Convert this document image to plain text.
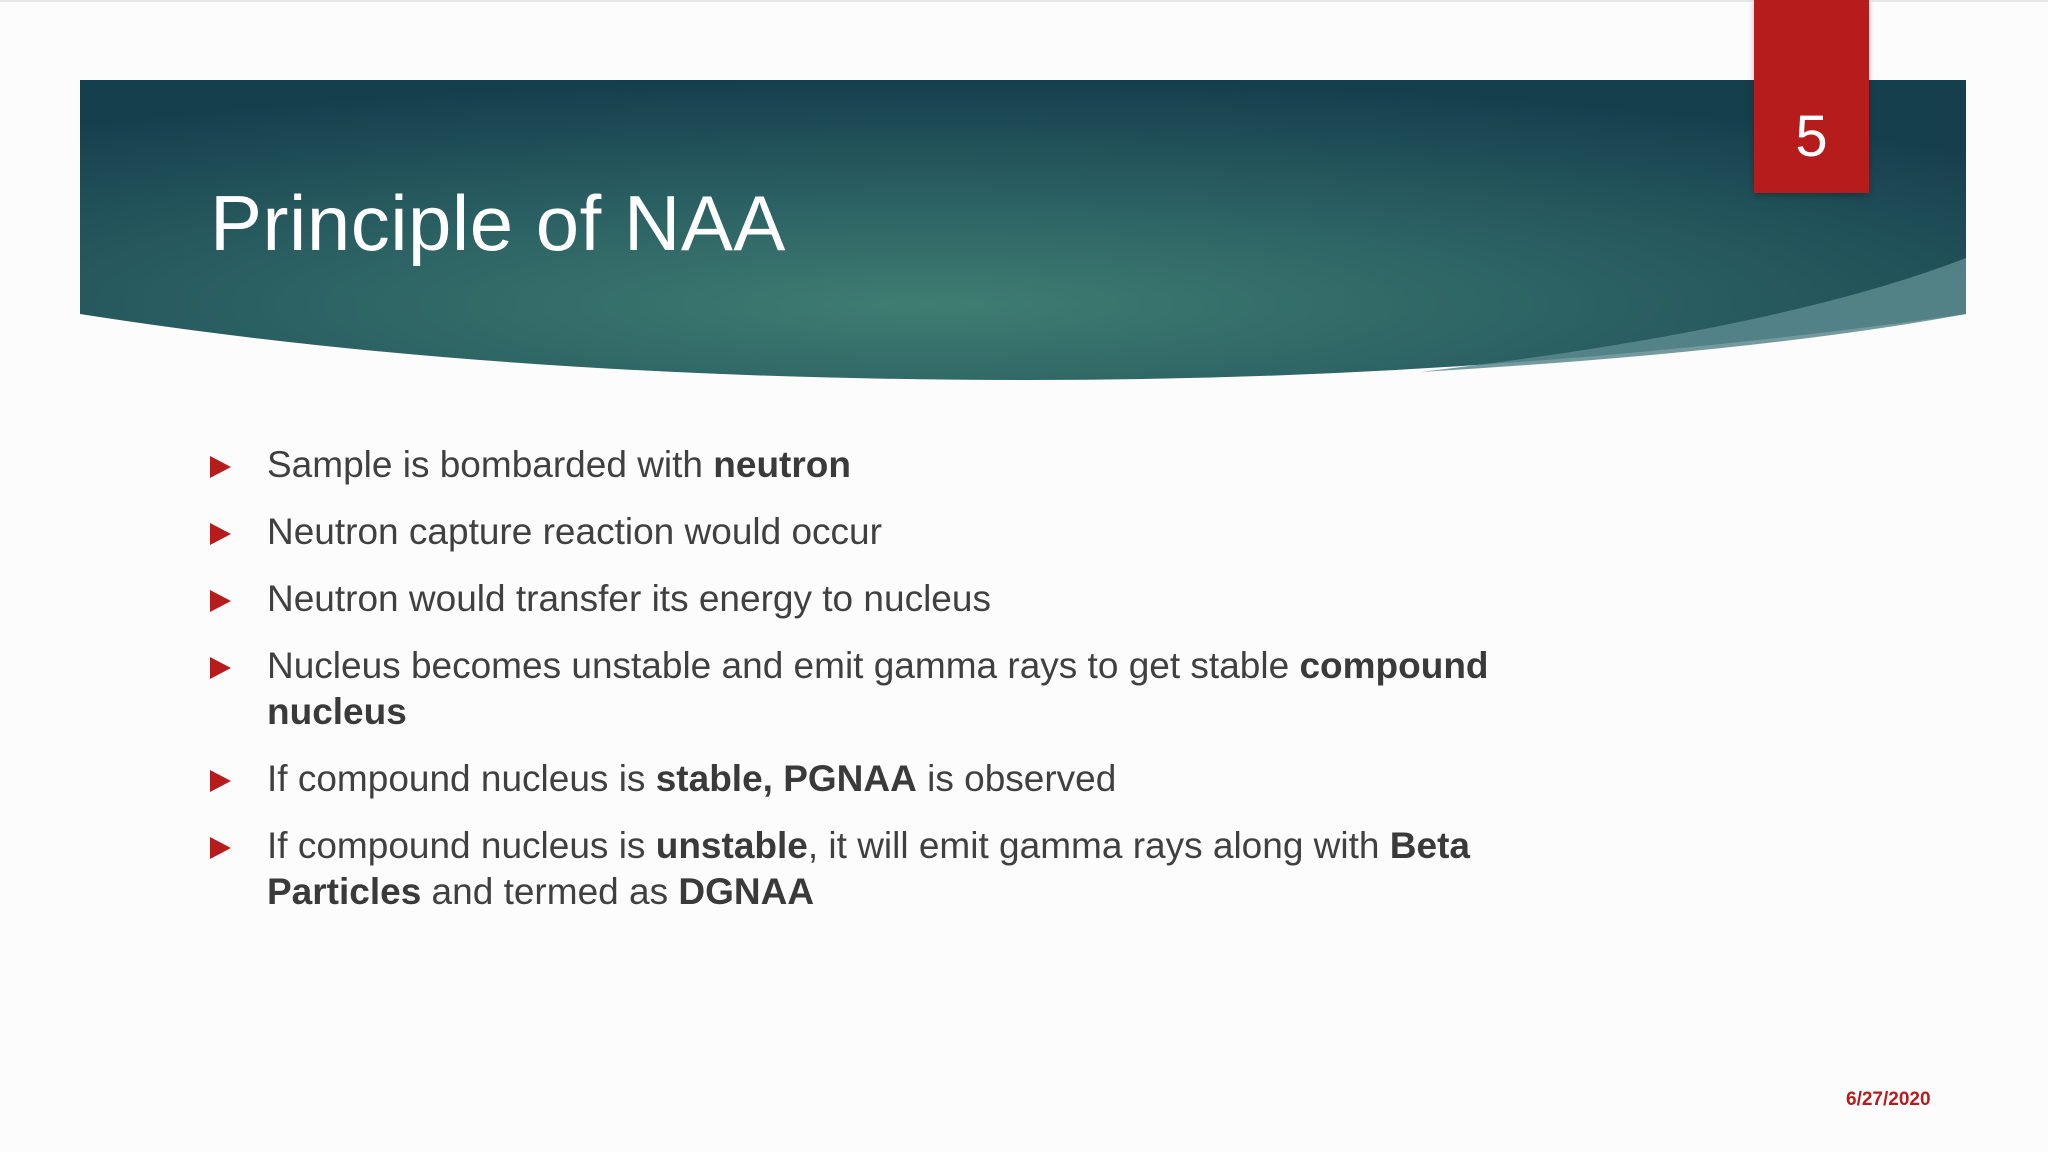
Principle of NAA
5
Sample is bombarded with neutron
Neutron capture reaction would occur
Neutron would transfer its energy to nucleus
Nucleus becomes unstable and emit gamma rays to get stable compound nucleus
If compound nucleus is stable, PGNAA is observed
If compound nucleus is unstable, it will emit gamma rays along with Beta Particles and termed as DGNAA
6/27/2020
